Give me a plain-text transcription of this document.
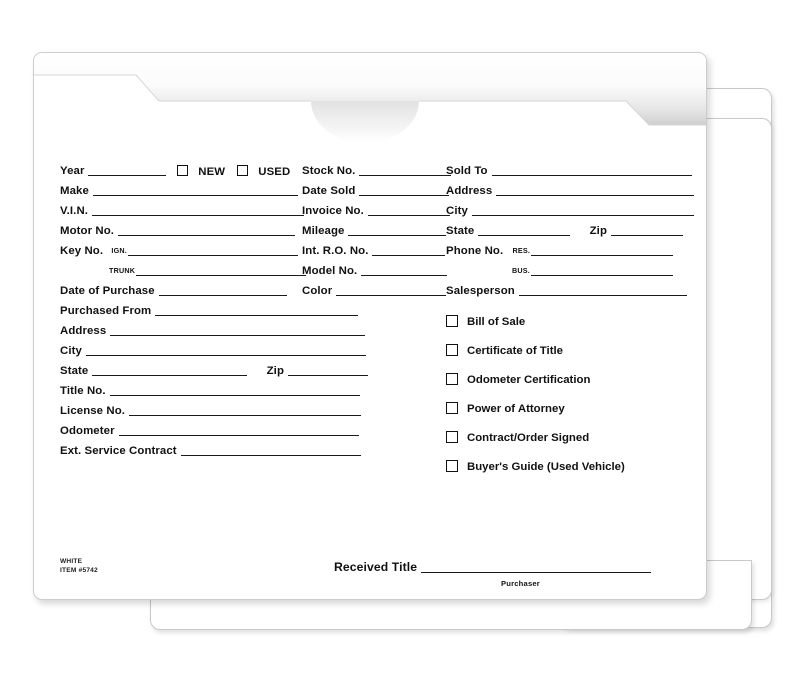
Year	NEW	USED Stock No.	Sold To
Make	Date Sold	Address
V.I.N.	Invoice No.	City
Motor No.	Mileage	State	Zip
Key No. IGN.	Int. R.O. No.	Phone No. RES.
TRUNK	Model No.	BUS.
Date of Purchase	Color	Salesperson
Purchased From
Address
City
State	Zip
Title No.
License No.
Odometer
Ext. Service Contract
Bill of Sale
Certificate of Title
Odometer Certification
Power of Attorney
Contract/Order Signed
Buyer's Guide (Used Vehicle)
WHITE
ITEM #5742	Received Title
Purchaser
